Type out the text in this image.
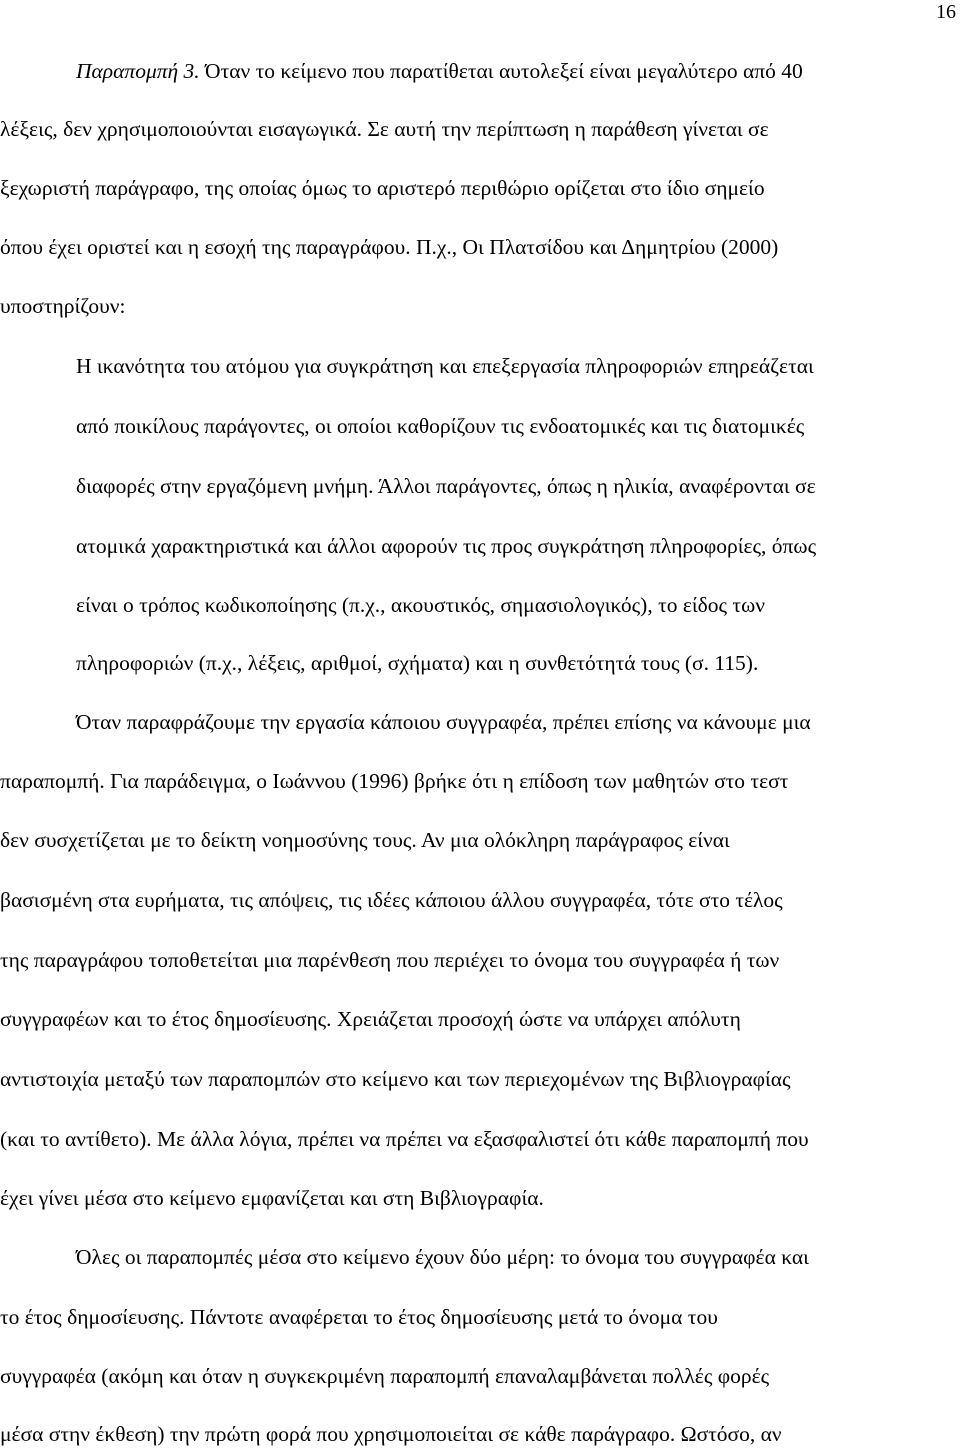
16
Παραπομπή 3. Όταν το κείμενο που παρατίθεται αυτολεξεί είναι μεγαλύτερο από 40
λέξεις, δεν χρησιμοποιούνται εισαγωγικά. Σε αυτή την περίπτωση η παράθεση γίνεται σε
ξεχωριστή παράγραφο, της οποίας όμως το αριστερό περιθώριο ορίζεται στο ίδιο σημείο
όπου έχει οριστεί και η εσοχή της παραγράφου. Π.χ., Οι Πλατσίδου και Δημητρίου (2000)
υποστηρίζουν:
Η ικανότητα του ατόμου για συγκράτηση και επεξεργασία πληροφοριών επηρεάζεται
από ποικίλους παράγοντες, οι οποίοι καθορίζουν τις ενδοατομικές και τις διατομικές
διαφορές στην εργαζόμενη μνήμη. Άλλοι παράγοντες, όπως η ηλικία, αναφέρονται σε
ατομικά χαρακτηριστικά και άλλοι αφορούν τις προς συγκράτηση πληροφορίες, όπως
είναι ο τρόπος κωδικοποίησης (π.χ., ακουστικός, σημασιολογικός), το είδος των
πληροφοριών (π.χ., λέξεις, αριθμοί, σχήματα) και η συνθετότητά τους (σ. 115).
Όταν παραφράζουμε την εργασία κάποιου συγγραφέα, πρέπει επίσης να κάνουμε μια
παραπομπή. Για παράδειγμα, ο Ιωάννου (1996) βρήκε ότι η επίδοση των μαθητών στο τεστ
δεν συσχετίζεται με το δείκτη νοημοσύνης τους. Αν μια ολόκληρη παράγραφος είναι
βασισμένη στα ευρήματα, τις απόψεις, τις ιδέες κάποιου άλλου συγγραφέα, τότε στο τέλος
της παραγράφου τοποθετείται μια παρένθεση που περιέχει το όνομα του συγγραφέα ή των
συγγραφέων και το έτος δημοσίευσης. Χρειάζεται προσοχή ώστε να υπάρχει απόλυτη
αντιστοιχία μεταξύ των παραπομπών στο κείμενο και των περιεχομένων της Βιβλιογραφίας
(και το αντίθετο). Με άλλα λόγια, πρέπει να πρέπει να εξασφαλιστεί ότι κάθε παραπομπή που
έχει γίνει μέσα στο κείμενο εμφανίζεται και στη Βιβλιογραφία.
Όλες οι παραπομπές μέσα στο κείμενο έχουν δύο μέρη: το όνομα του συγγραφέα και
το έτος δημοσίευσης. Πάντοτε αναφέρεται το έτος δημοσίευσης μετά το όνομα του
συγγραφέα (ακόμη και όταν η συγκεκριμένη παραπομπή επαναλαμβάνεται πολλές φορές
μέσα στην έκθεση) την πρώτη φορά που χρησιμοποιείται σε κάθε παράγραφο. Ωστόσο, αν
